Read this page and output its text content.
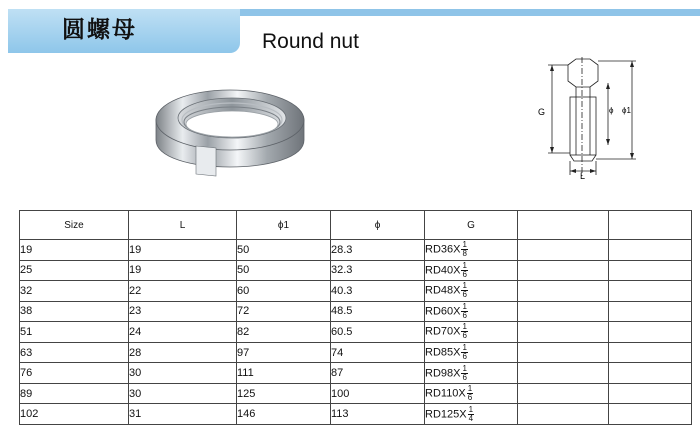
圆螺母	Round nut
G	ϕ ϕ1
L
Size	L	ϕ1	ϕ	G		
19	19	50	28.3	$RD36X \frac{1}{8}$

25	19	50	32.3	$RD40X \frac{1}{6}$

32	22	60	40.3	$RD48X \frac{1}{6}$

38	23	72	48.5	$RD60X \frac{1}{6}$

51	24	82	60.5	$RD70X \frac{1}{6}$

63	28	97	74	$RD85X \frac{1}{6}$

76	30	111	87	$RD98X \frac{1}{6}$

89	30	125	100	$RD110X \frac{1}{6}$

102	31	146	113	$RD125X \frac{1}{4}$
